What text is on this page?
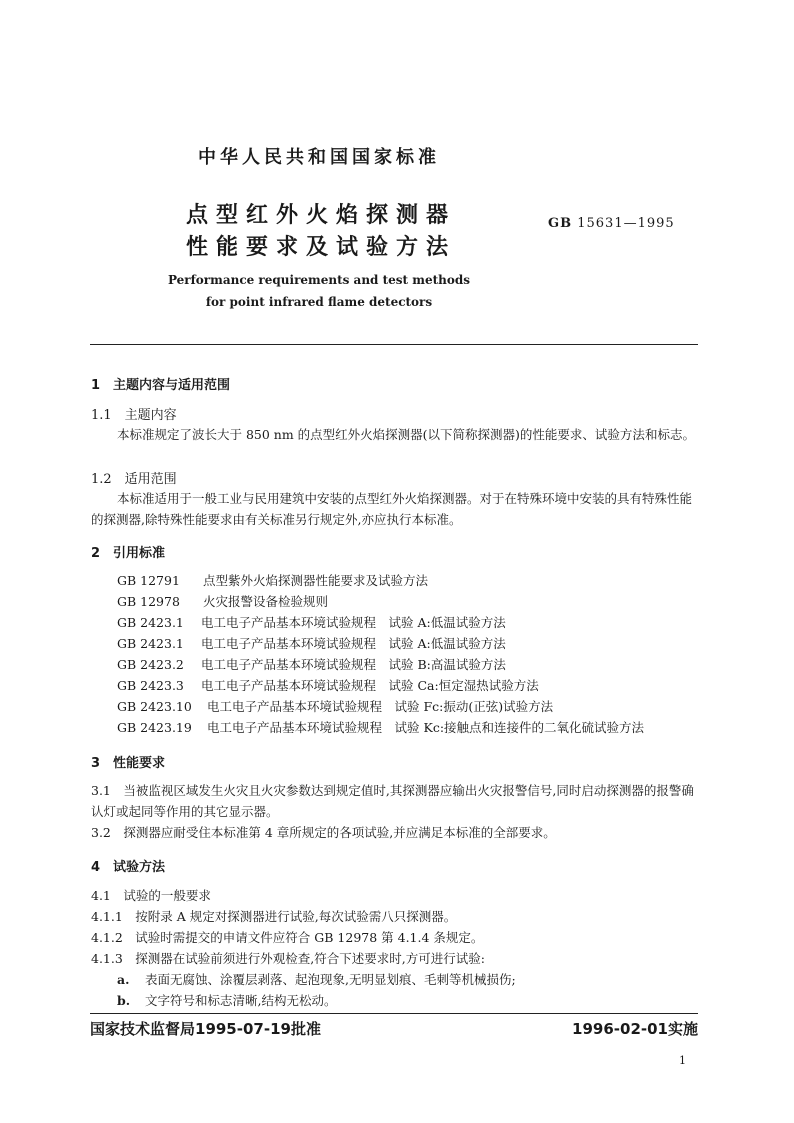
中华人民共和国国家标准
点型红外火焰探测器
性能要求及试验方法
GB 15631—1995
Performance requirements and test methods
for point infrared flame detectors
1　主题内容与适用范围
1.1　主题内容
本标准规定了波长大于 850 nm 的点型红外火焰探测器(以下简称探测器)的性能要求、试验方法和标志。
1.2　适用范围
本标准适用于一般工业与民用建筑中安装的点型红外火焰探测器。对于在特殊环境中安装的具有特殊性能的探测器,除特殊性能要求由有关标准另行规定外,亦应执行本标准。
2　引用标准
GB 12791 点型紫外火焰探测器性能要求及试验方法
GB 12978 火灾报警设备检验规则
GB 2423.1 电工电子产品基本环境试验规程　试验 A:低温试验方法
GB 2423.1 电工电子产品基本环境试验规程　试验 A:低温试验方法
GB 2423.2 电工电子产品基本环境试验规程　试验 B:高温试验方法
GB 2423.3 电工电子产品基本环境试验规程　试验 Ca:恒定湿热试验方法
GB 2423.10 电工电子产品基本环境试验规程　试验 Fc:振动(正弦)试验方法
GB 2423.19 电工电子产品基本环境试验规程　试验 Kc:接触点和连接件的二氧化硫试验方法
3　性能要求
3.1　当被监视区域发生火灾且火灾参数达到规定值时,其探测器应输出火灾报警信号,同时启动探测器的报警确认灯或起同等作用的其它显示器。
3.2　探测器应耐受住本标准第 4 章所规定的各项试验,并应满足本标准的全部要求。
4　试验方法
4.1　试验的一般要求
4.1.1　按附录 A 规定对探测器进行试验,每次试验需八只探测器。
4.1.2　试验时需提交的申请文件应符合 GB 12978 第 4.1.4 条规定。
4.1.3　探测器在试验前须进行外观检查,符合下述要求时,方可进行试验:
a. 表面无腐蚀、涂覆层剥落、起泡现象,无明显划痕、毛刺等机械损伤;
b. 文字符号和标志清晰,结构无松动。
国家技术监督局1995-07-19批准	1996-02-01实施
1
